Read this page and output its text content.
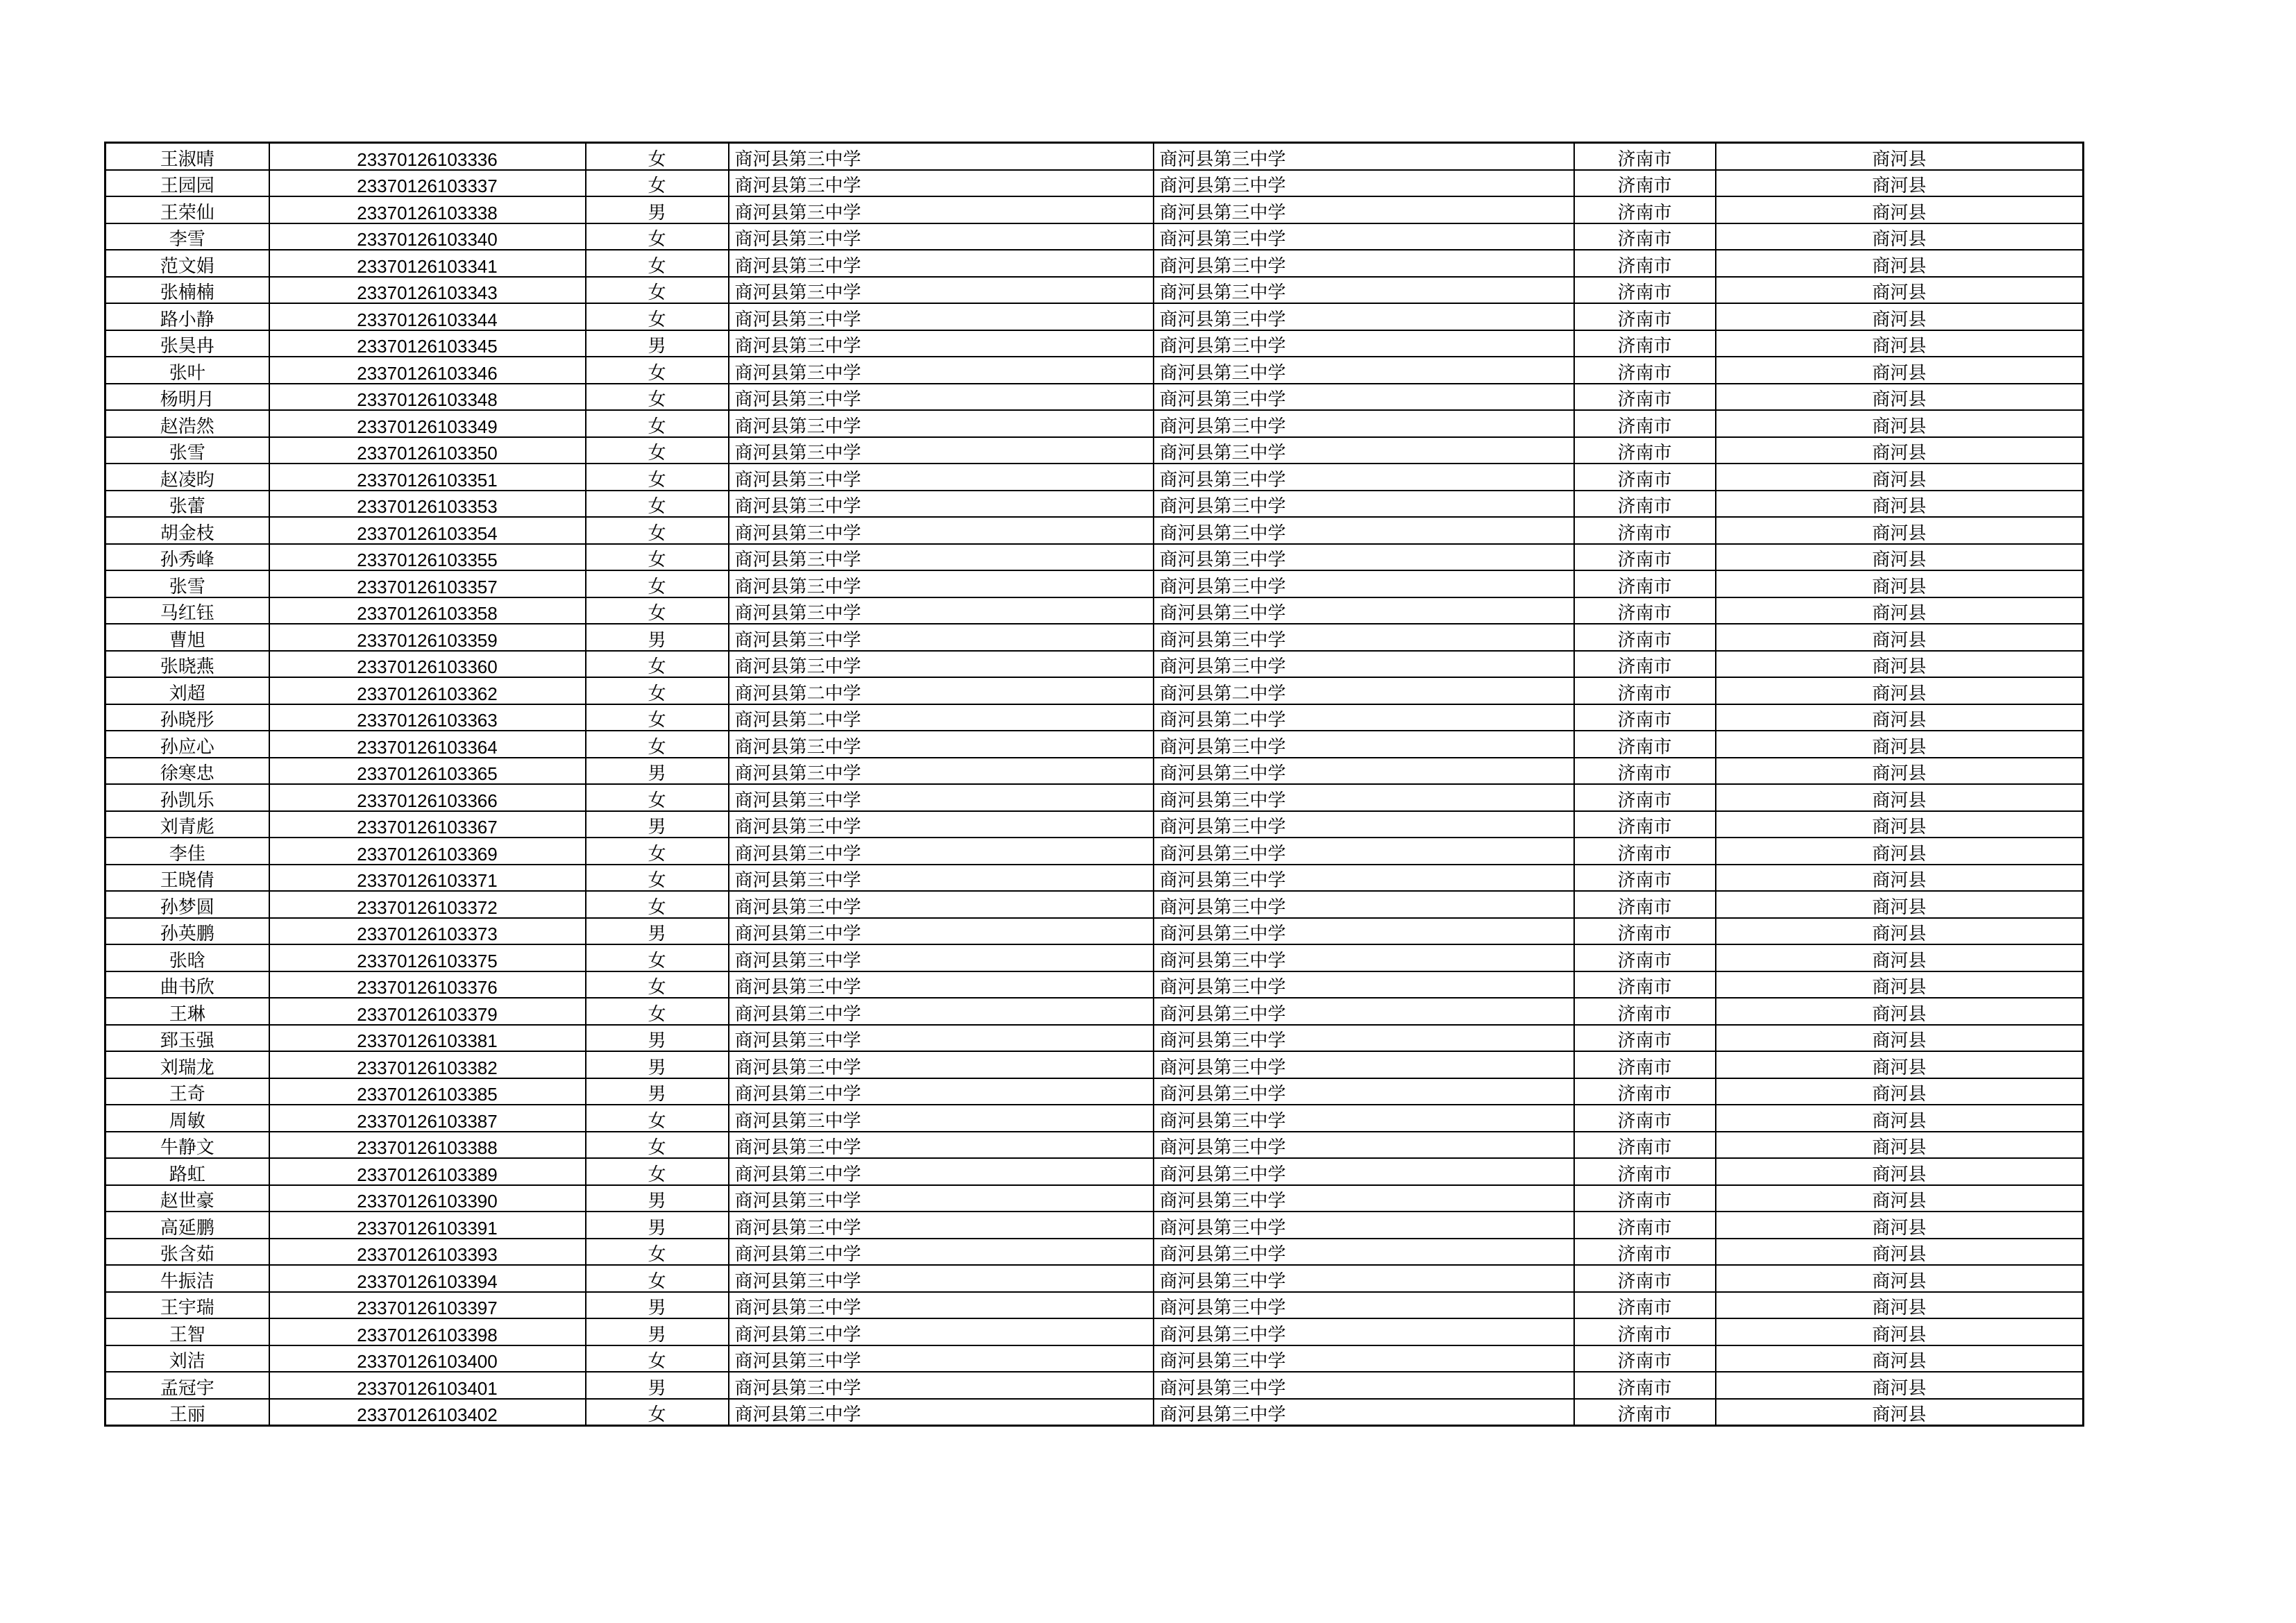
王淑晴	23370126103336	女	商河县第三中学	商河县第三中学	济南市	商河县
王园园	23370126103337	女	商河县第三中学	商河县第三中学	济南市	商河县
王荣仙	23370126103338	男	商河县第三中学	商河县第三中学	济南市	商河县
李雪	23370126103340	女	商河县第三中学	商河县第三中学	济南市	商河县
范文娟	23370126103341	女	商河县第三中学	商河县第三中学	济南市	商河县
张楠楠	23370126103343	女	商河县第三中学	商河县第三中学	济南市	商河县
路小静	23370126103344	女	商河县第三中学	商河县第三中学	济南市	商河县
张昊冉	23370126103345	男	商河县第三中学	商河县第三中学	济南市	商河县
张叶	23370126103346	女	商河县第三中学	商河县第三中学	济南市	商河县
杨明月	23370126103348	女	商河县第三中学	商河县第三中学	济南市	商河县
赵浩然	23370126103349	女	商河县第三中学	商河县第三中学	济南市	商河县
张雪	23370126103350	女	商河县第三中学	商河县第三中学	济南市	商河县
赵凌昀	23370126103351	女	商河县第三中学	商河县第三中学	济南市	商河县
张蕾	23370126103353	女	商河县第三中学	商河县第三中学	济南市	商河县
胡金枝	23370126103354	女	商河县第三中学	商河县第三中学	济南市	商河县
孙秀峰	23370126103355	女	商河县第三中学	商河县第三中学	济南市	商河县
张雪	23370126103357	女	商河县第三中学	商河县第三中学	济南市	商河县
马红钰	23370126103358	女	商河县第三中学	商河县第三中学	济南市	商河县
曹旭	23370126103359	男	商河县第三中学	商河县第三中学	济南市	商河县
张晓燕	23370126103360	女	商河县第三中学	商河县第三中学	济南市	商河县
刘超	23370126103362	女	商河县第二中学	商河县第二中学	济南市	商河县
孙晓彤	23370126103363	女	商河县第二中学	商河县第二中学	济南市	商河县
孙应心	23370126103364	女	商河县第三中学	商河县第三中学	济南市	商河县
徐寒忠	23370126103365	男	商河县第三中学	商河县第三中学	济南市	商河县
孙凯乐	23370126103366	女	商河县第三中学	商河县第三中学	济南市	商河县
刘青彪	23370126103367	男	商河县第三中学	商河县第三中学	济南市	商河县
李佳	23370126103369	女	商河县第三中学	商河县第三中学	济南市	商河县
王晓倩	23370126103371	女	商河县第三中学	商河县第三中学	济南市	商河县
孙梦圆	23370126103372	女	商河县第三中学	商河县第三中学	济南市	商河县
孙英鹏	23370126103373	男	商河县第三中学	商河县第三中学	济南市	商河县
张晗	23370126103375	女	商河县第三中学	商河县第三中学	济南市	商河县
曲书欣	23370126103376	女	商河县第三中学	商河县第三中学	济南市	商河县
王琳	23370126103379	女	商河县第三中学	商河县第三中学	济南市	商河县
郅玉强	23370126103381	男	商河县第三中学	商河县第三中学	济南市	商河县
刘瑞龙	23370126103382	男	商河县第三中学	商河县第三中学	济南市	商河县
王奇	23370126103385	男	商河县第三中学	商河县第三中学	济南市	商河县
周敏	23370126103387	女	商河县第三中学	商河县第三中学	济南市	商河县
牛静文	23370126103388	女	商河县第三中学	商河县第三中学	济南市	商河县
路虹	23370126103389	女	商河县第三中学	商河县第三中学	济南市	商河县
赵世豪	23370126103390	男	商河县第三中学	商河县第三中学	济南市	商河县
高延鹏	23370126103391	男	商河县第三中学	商河县第三中学	济南市	商河县
张含茹	23370126103393	女	商河县第三中学	商河县第三中学	济南市	商河县
牛振洁	23370126103394	女	商河县第三中学	商河县第三中学	济南市	商河县
王宇瑞	23370126103397	男	商河县第三中学	商河县第三中学	济南市	商河县
王智	23370126103398	男	商河县第三中学	商河县第三中学	济南市	商河县
刘洁	23370126103400	女	商河县第三中学	商河县第三中学	济南市	商河县
孟冠宇	23370126103401	男	商河县第三中学	商河县第三中学	济南市	商河县
王丽	23370126103402	女	商河县第三中学	商河县第三中学	济南市	商河县
